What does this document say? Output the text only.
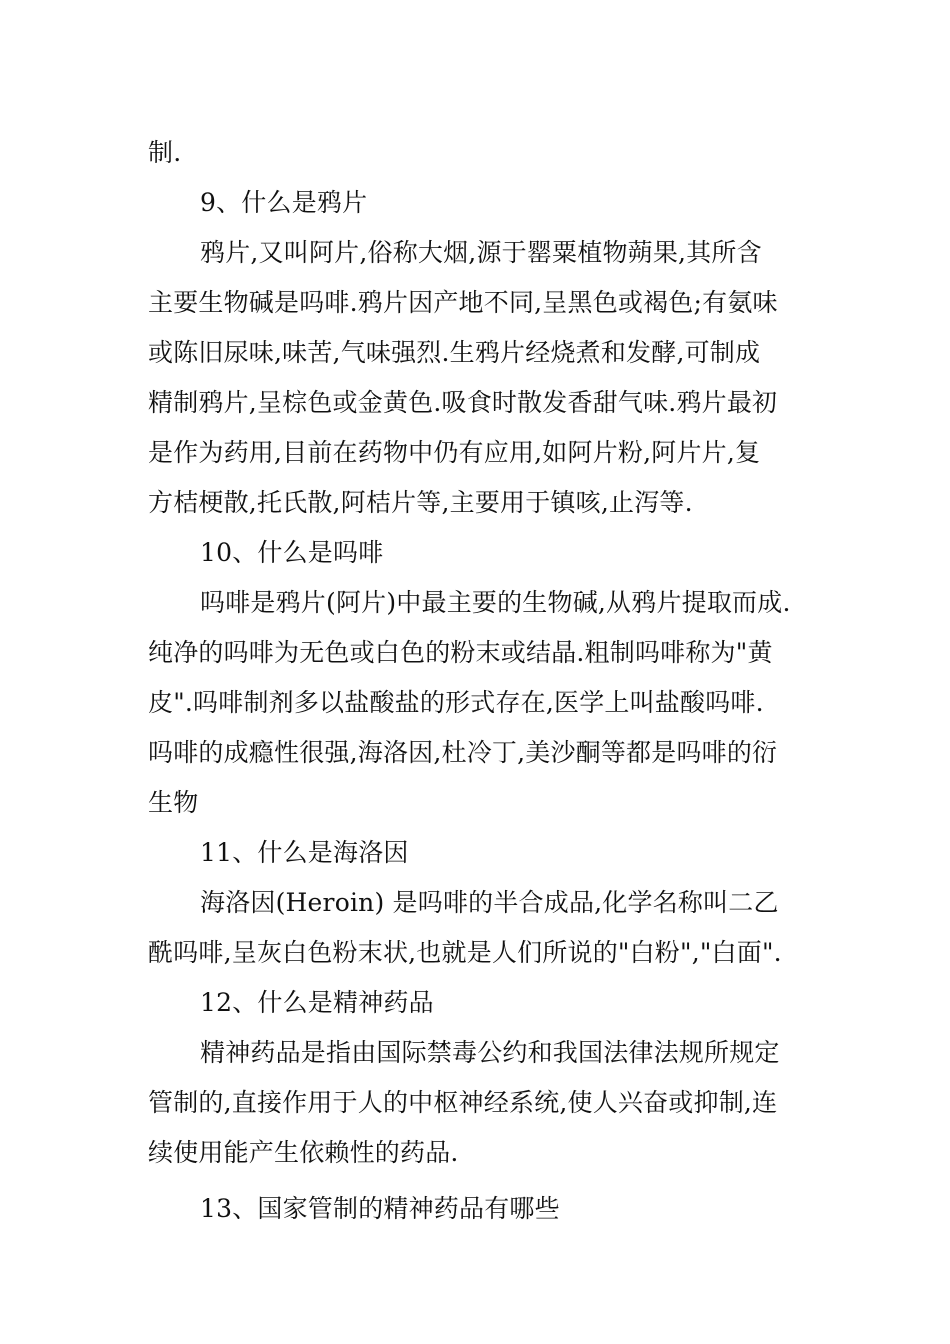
制.
9、什么是鸦片
鸦片,又叫阿片,俗称大烟,源于罂粟植物蒴果,其所含
主要生物碱是吗啡.鸦片因产地不同,呈黑色或褐色;有氨味
或陈旧尿味,味苦,气味强烈.生鸦片经烧煮和发酵,可制成
精制鸦片,呈棕色或金黄色.吸食时散发香甜气味.鸦片最初
是作为药用,目前在药物中仍有应用,如阿片粉,阿片片,复
方桔梗散,托氏散,阿桔片等,主要用于镇咳,止泻等.
10、什么是吗啡
吗啡是鸦片(阿片)中最主要的生物碱,从鸦片提取而成.
纯净的吗啡为无色或白色的粉末或结晶.粗制吗啡称为"黄
皮".吗啡制剂多以盐酸盐的形式存在,医学上叫盐酸吗啡.
吗啡的成瘾性很强,海洛因,杜冷丁,美沙酮等都是吗啡的衍
生物
11、什么是海洛因
海洛因(Heroin) 是吗啡的半合成品,化学名称叫二乙
酰吗啡,呈灰白色粉末状,也就是人们所说的"白粉","白面".
12、什么是精神药品
精神药品是指由国际禁毒公约和我国法律法规所规定
管制的,直接作用于人的中枢神经系统,使人兴奋或抑制,连
续使用能产生依赖性的药品.
13、国家管制的精神药品有哪些
